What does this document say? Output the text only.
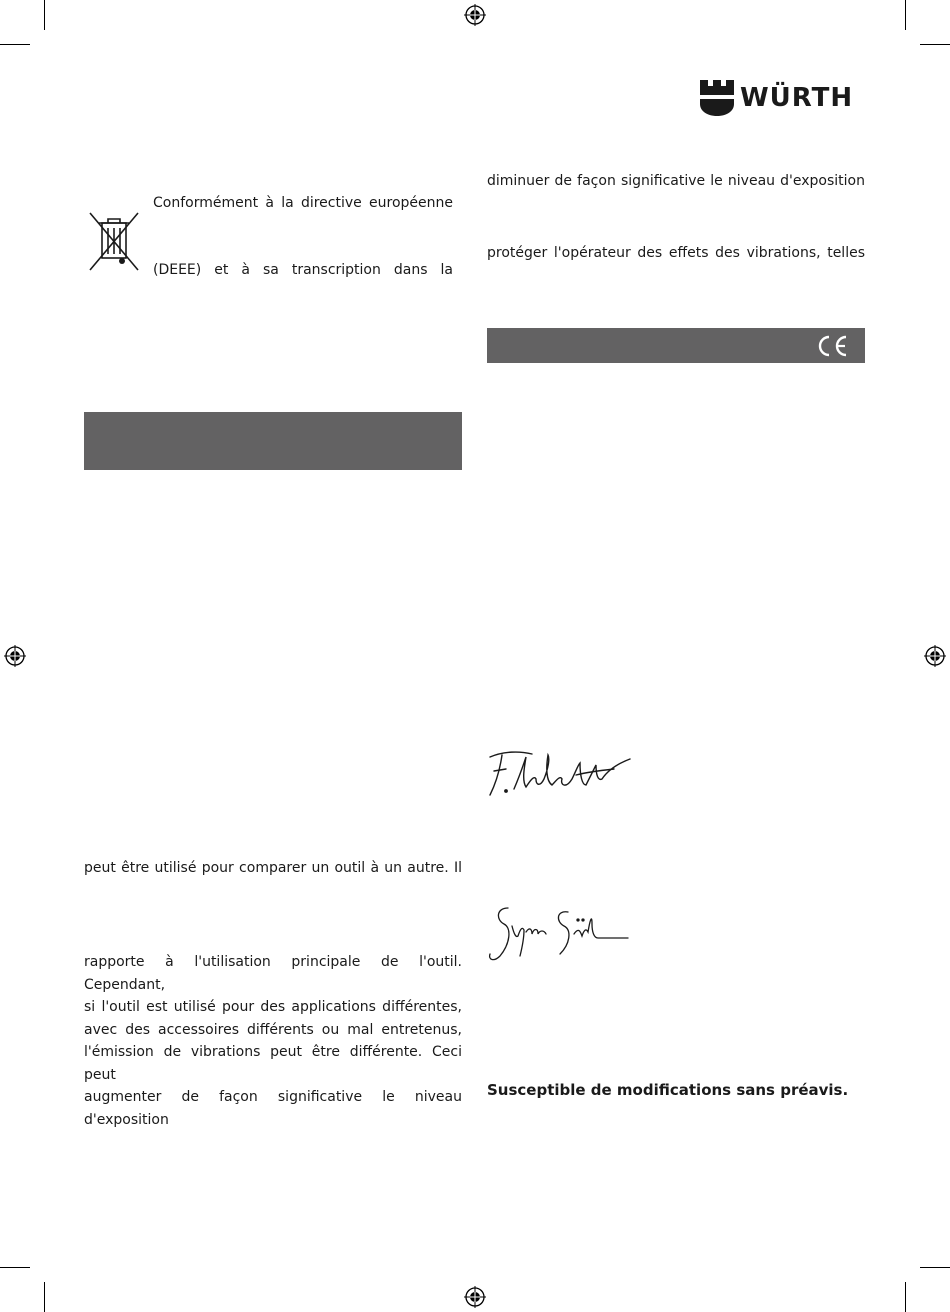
WÜRTH
Conformément à la directive européenne
(DEEE) et à sa transcription dans la
diminuer de façon significative le niveau d'exposition
protéger l'opérateur des effets des vibrations, telles
peut être utilisé pour comparer un outil à un autre. Il
rapporte à l'utilisation principale de l'outil. Cependant,
si l'outil est utilisé pour des applications différentes,
avec des accessoires différents ou mal entretenus,
l'émission de vibrations peut être différente. Ceci peut
augmenter de façon significative le niveau d'exposition
Susceptible de modifications sans préavis.
